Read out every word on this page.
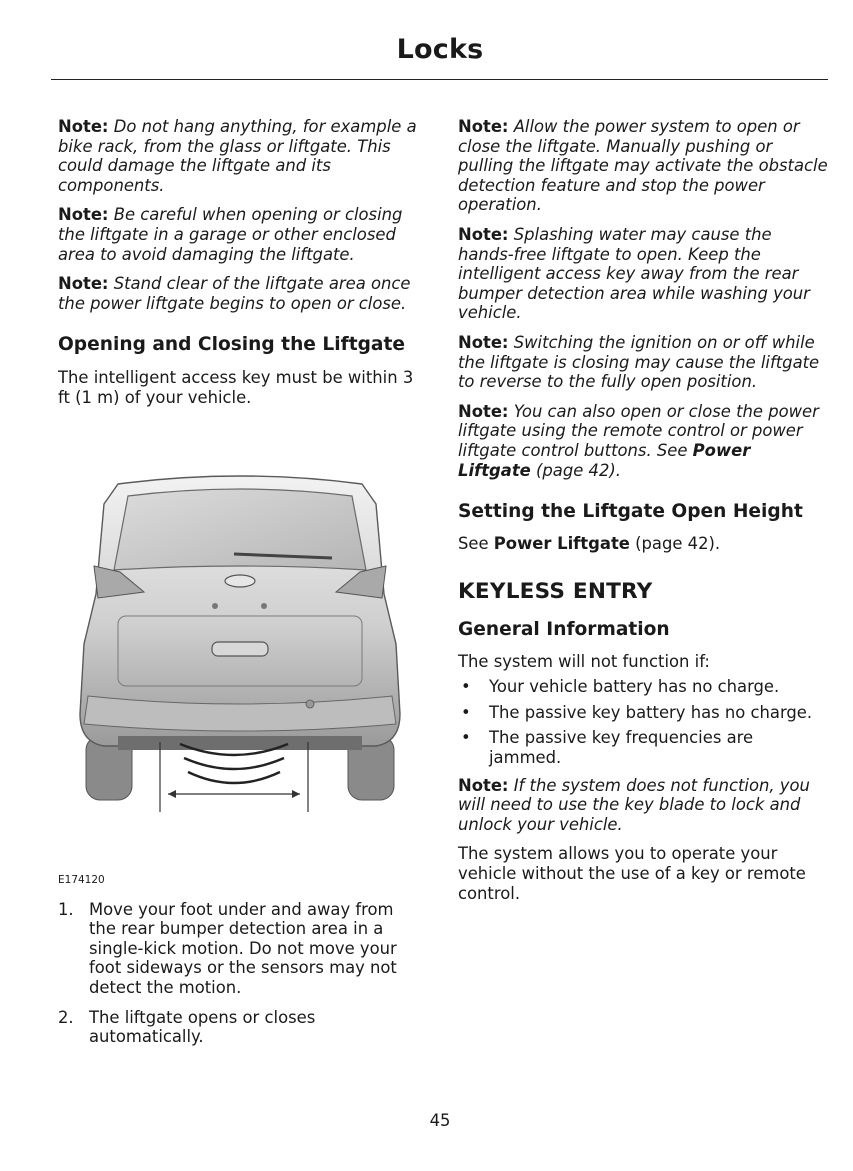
Locks

Note: Do not hang anything, for example a bike rack, from the glass or liftgate. This could damage the liftgate and its components.

Note: Be careful when opening or closing the liftgate in a garage or other enclosed area to avoid damaging the liftgate.

Note: Stand clear of the liftgate area once the power liftgate begins to open or close.

Opening and Closing the Liftgate

The intelligent access key must be within 3 ft (1 m) of your vehicle.

E174120
1. Move your foot under and away from the rear bumper detection area in a single-kick motion. Do not move your foot sideways or the sensors may not detect the motion.
2. The liftgate opens or closes automatically.

Note: Allow the power system to open or close the liftgate. Manually pushing or pulling the liftgate may activate the obstacle detection feature and stop the power operation.

Note: Splashing water may cause the hands-free liftgate to open. Keep the intelligent access key away from the rear bumper detection area while washing your vehicle.

Note: Switching the ignition on or off while the liftgate is closing may cause the liftgate to reverse to the fully open position.

Note: You can also open or close the power liftgate using the remote control or power liftgate control buttons. See Power Liftgate (page 42).

Setting the Liftgate Open Height

See Power Liftgate (page 42).

KEYLESS ENTRY
General Information

The system will not function if:

• Your vehicle battery has no charge.
• The passive key battery has no charge.
• The passive key frequencies are jammed.

Note: If the system does not function, you will need to use the key blade to lock and unlock your vehicle.

The system allows you to operate your vehicle without the use of a key or remote control.

45
